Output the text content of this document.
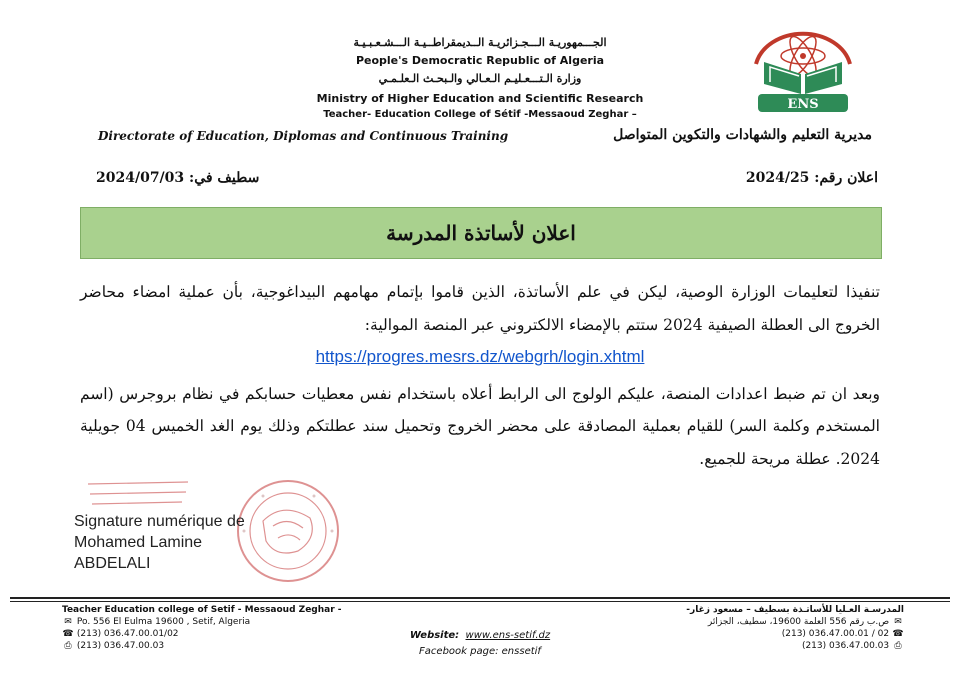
الجـــمهوريـة الـــجـزائريـة الــديمقراطــيـة الـــشـعـبـيـة
People's Democratic Republic of Algeria
وزارة الـتـــعـليـم الـعـالي والـبحـث الـعلـمـي
Ministry of Higher Education and Scientific Research
Teacher- Education College of Sétif -Messaoud Zeghar –
ENS
Directorate of Education, Diplomas and Continuous Training	مديرية التعليم والشهادات والتكوين المتواصل
اعلان رقم: 2024/25
سطيف في: 2024/07/03
اعلان لأساتذة المدرسة

تنفيذا لتعليمات الوزارة الوصية، ليكن في علم الأساتذة، الذين قاموا بإتمام مهامهم البيداغوجية، بأن عملية امضاء محاضر الخروج الى العطلة الصيفية 2024 ستتم بالإمضاء الالكتروني عبر المنصة الموالية:

https://progres.mesrs.dz/webgrh/login.xhtml

وبعد ان تم ضبط اعدادات المنصة، عليكم الولوج الى الرابط أعلاه باستخدام نفس معطيات حسابكم في نظام بروجرس (اسم المستخدم وكلمة السر) للقيام بعملية المصادقة على محضر الخروج وتحميل سند عطلتكم وذلك يوم الغد الخميس 04 جويلية 2024. عطلة مريحة للجميع.

Signature numérique de
Mohamed Lamine
ABDELALI
Teacher Education college of Setif - Messaoud Zeghar -
✉ Po. 556 El Eulma 19600 , Setif, Algeria
☎ (213) 036.47.00.01/02
⎙ (213) 036.47.00.03
Website: www.ens-setif.dz
Facebook page: enssetif
المدرسـة العـليا للأساتـذة بسطيف – مسعود زغار-
✉ ص.ب رقم 556 العلمة 19600، سطيف، الجزائر
☎ (213) 036.47.00.01 / 02
⎙ (213) 036.47.00.03
